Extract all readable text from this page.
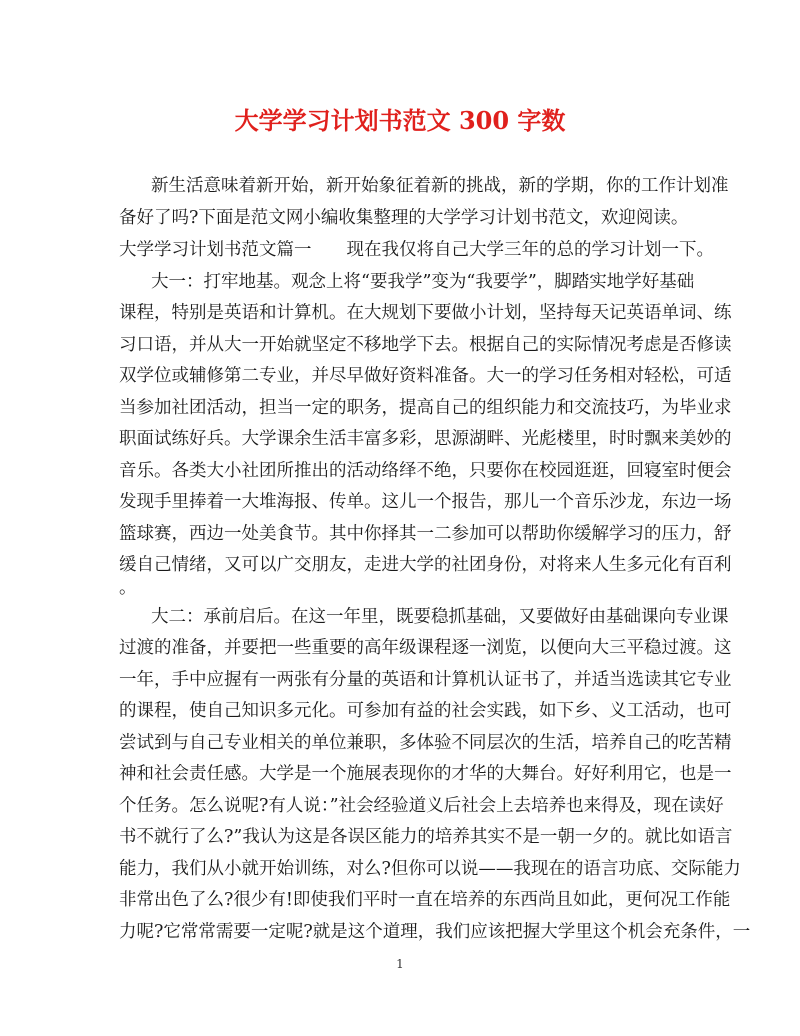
大学学习计划书范文 300 字数
新生活意味着新开始，新开始象征着新的挑战，新的学期，你的工作计划准
备好了吗?下面是范文网小编收集整理的大学学习计划书范文，欢迎阅读。
大学学习计划书范文篇一　　现在我仅将自己大学三年的总的学习计划一下。
大一：打牢地基。观念上将“要我学”变为“我要学”，脚踏实地学好基础
课程，特别是英语和计算机。在大规划下要做小计划，坚持每天记英语单词、练
习口语，并从大一开始就坚定不移地学下去。根据自己的实际情况考虑是否修读
双学位或辅修第二专业，并尽早做好资料准备。大一的学习任务相对轻松，可适
当参加社团活动，担当一定的职务，提高自己的组织能力和交流技巧，为毕业求
职面试练好兵。大学课余生活丰富多彩，思源湖畔、光彪楼里，时时飘来美妙的
音乐。各类大小社团所推出的活动络绎不绝，只要你在校园逛逛，回寝室时便会
发现手里捧着一大堆海报、传单。这儿一个报告，那儿一个音乐沙龙，东边一场
篮球赛，西边一处美食节。其中你择其一二参加可以帮助你缓解学习的压力，舒
缓自己情绪，又可以广交朋友，走进大学的社团身份，对将来人生多元化有百利
。
大二：承前启后。在这一年里，既要稳抓基础，又要做好由基础课向专业课
过渡的准备，并要把一些重要的高年级课程逐一浏览，以便向大三平稳过渡。这
一年，手中应握有一两张有分量的英语和计算机认证书了，并适当选读其它专业
的课程，使自己知识多元化。可参加有益的社会实践，如下乡、义工活动，也可
尝试到与自己专业相关的单位兼职，多体验不同层次的生活，培养自己的吃苦精
神和社会责任感。大学是一个施展表现你的才华的大舞台。好好利用它，也是一
个任务。怎么说呢?有人说：”社会经验道义后社会上去培养也来得及，现在读好
书不就行了么?”我认为这是各误区能力的培养其实不是一朝一夕的。就比如语言
能力，我们从小就开始训练，对么?但你可以说——我现在的语言功底、交际能力
非常出色了么?很少有!即使我们平时一直在培养的东西尚且如此，更何况工作能
力呢?它常常需要一定呢?就是这个道理，我们应该把握大学里这个机会充条件，一
1
